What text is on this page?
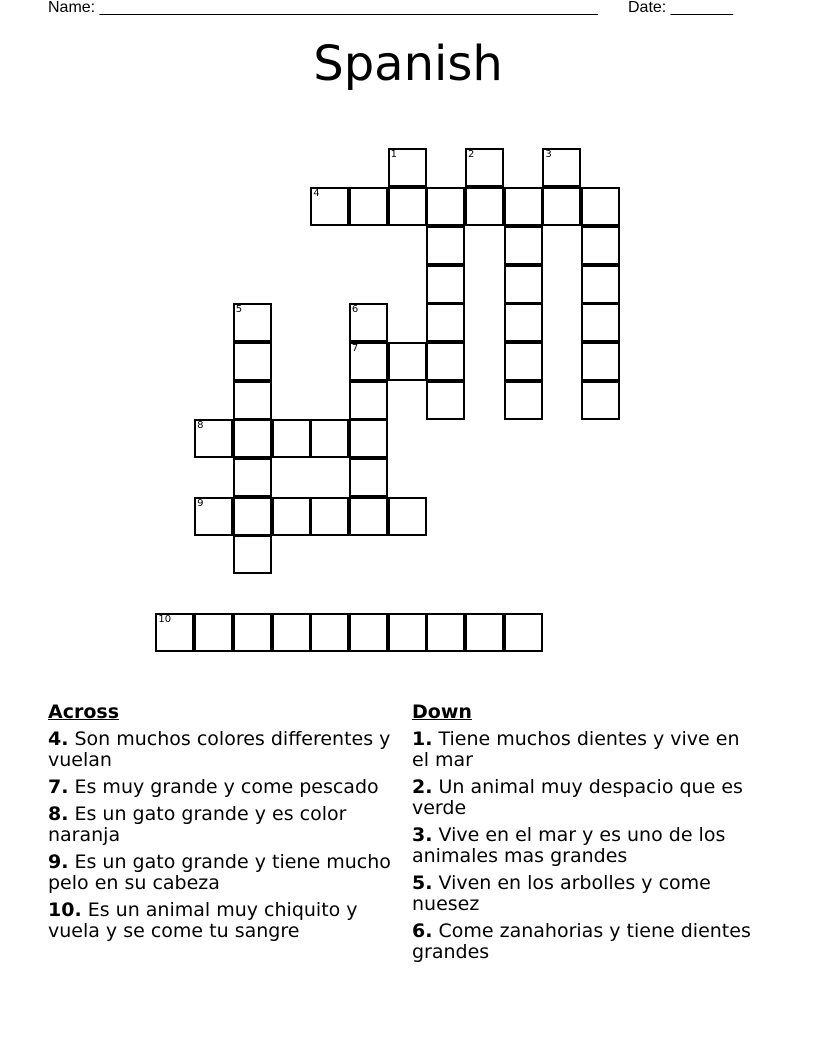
Name: ________________________________________________________ Date: _______
Spanish
1	2	3
4
5	6
7
8
9
10
Across
4. Son muchos colores differentes y vuelan
7. Es muy grande y come pescado
8. Es un gato grande y es color naranja
9. Es un gato grande y tiene mucho pelo en su cabeza
10. Es un animal muy chiquito y vuela y se come tu sangre
Down
1. Tiene muchos dientes y vive en el mar
2. Un animal muy despacio que es verde
3. Vive en el mar y es uno de los animales mas grandes
5. Viven en los arbolles y come nuesez
6. Come zanahorias y tiene dientes grandes
